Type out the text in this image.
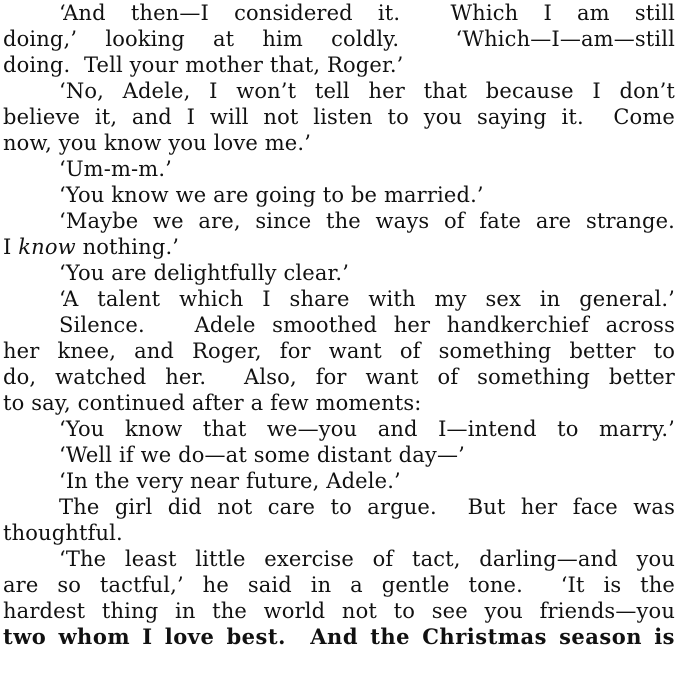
‘And then—I considered it.  Which I am still
doing,’ looking at him coldly.  ‘Which—I—am—still
doing.  Tell your mother that, Roger.’
‘No, Adele, I won’t tell her that because I don’t
believe it, and I will not listen to you saying it.  Come
now, you know you love me.’
‘Um-m-m.’
‘You know we are going to be married.’
‘Maybe we are, since the ways of fate are strange.
I know nothing.’
‘You are delightfully clear.’
‘A talent which I share with my sex in general.’
Silence.   Adele smoothed her handkerchief across
her knee, and Roger, for want of something better to
do, watched her.  Also, for want of something better
to say, continued after a few moments:
‘You know that we—you and I—intend to marry.’
‘Well if we do—at some distant day—’
‘In the very near future, Adele.’
The girl did not care to argue.  But her face was
thoughtful.
‘The least little exercise of tact, darling—and you
are so tactful,’ he said in a gentle tone.  ‘It is the
hardest thing in the world not to see you friends—you
two whom I love best.  And the Christmas season is
